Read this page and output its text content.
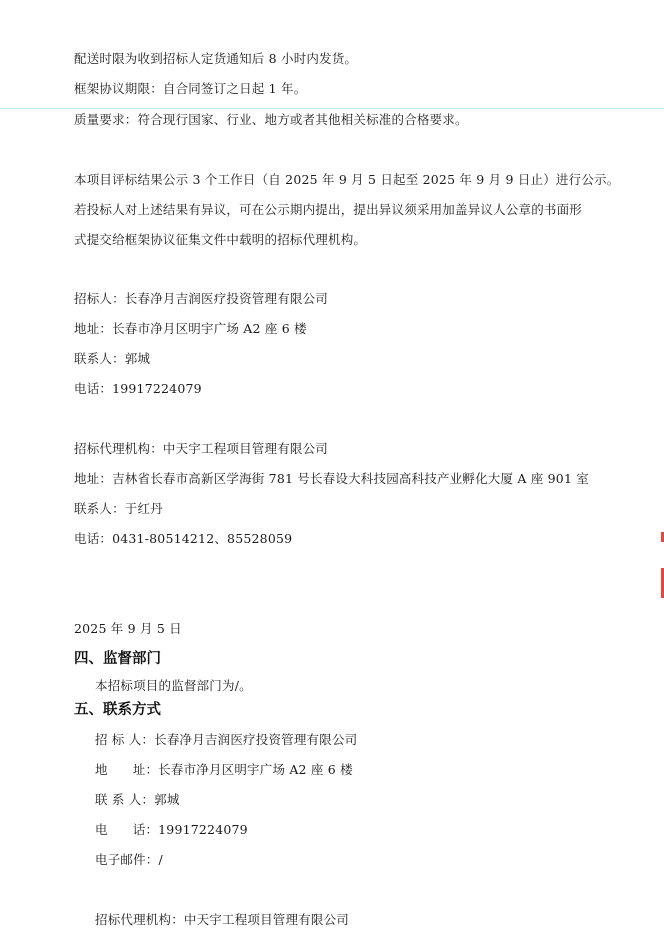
配送时限为收到招标人定货通知后 8 小时内发货。
框架协议期限：自合同签订之日起 1 年。
质量要求：符合现行国家、行业、地方或者其他相关标准的合格要求。
本项目评标结果公示 3 个工作日（自 2025 年 9 月 5 日起至 2025 年 9 月 9 日止）进行公示。
若投标人对上述结果有异议，可在公示期内提出，提出异议须采用加盖异议人公章的书面形
式提交给框架协议征集文件中载明的招标代理机构。
招标人：长春净月吉润医疗投资管理有限公司
地址：长春市净月区明宇广场 A2 座 6 楼
联系人：郭城
电话：19917224079
招标代理机构：中天宇工程项目管理有限公司
地址：吉林省长春市高新区学海街 781 号长春设大科技园高科技产业孵化大厦 A 座 901 室
联系人：于红丹
电话：0431-80514212、85528059
2025 年 9 月 5 日
四、监督部门
本招标项目的监督部门为/。
五、联系方式
招 标 人：长春净月吉润医疗投资管理有限公司
地      址：长春市净月区明宇广场 A2 座 6 楼
联 系 人：郭城
电      话：19917224079
电子邮件：/
招标代理机构：中天宇工程项目管理有限公司
